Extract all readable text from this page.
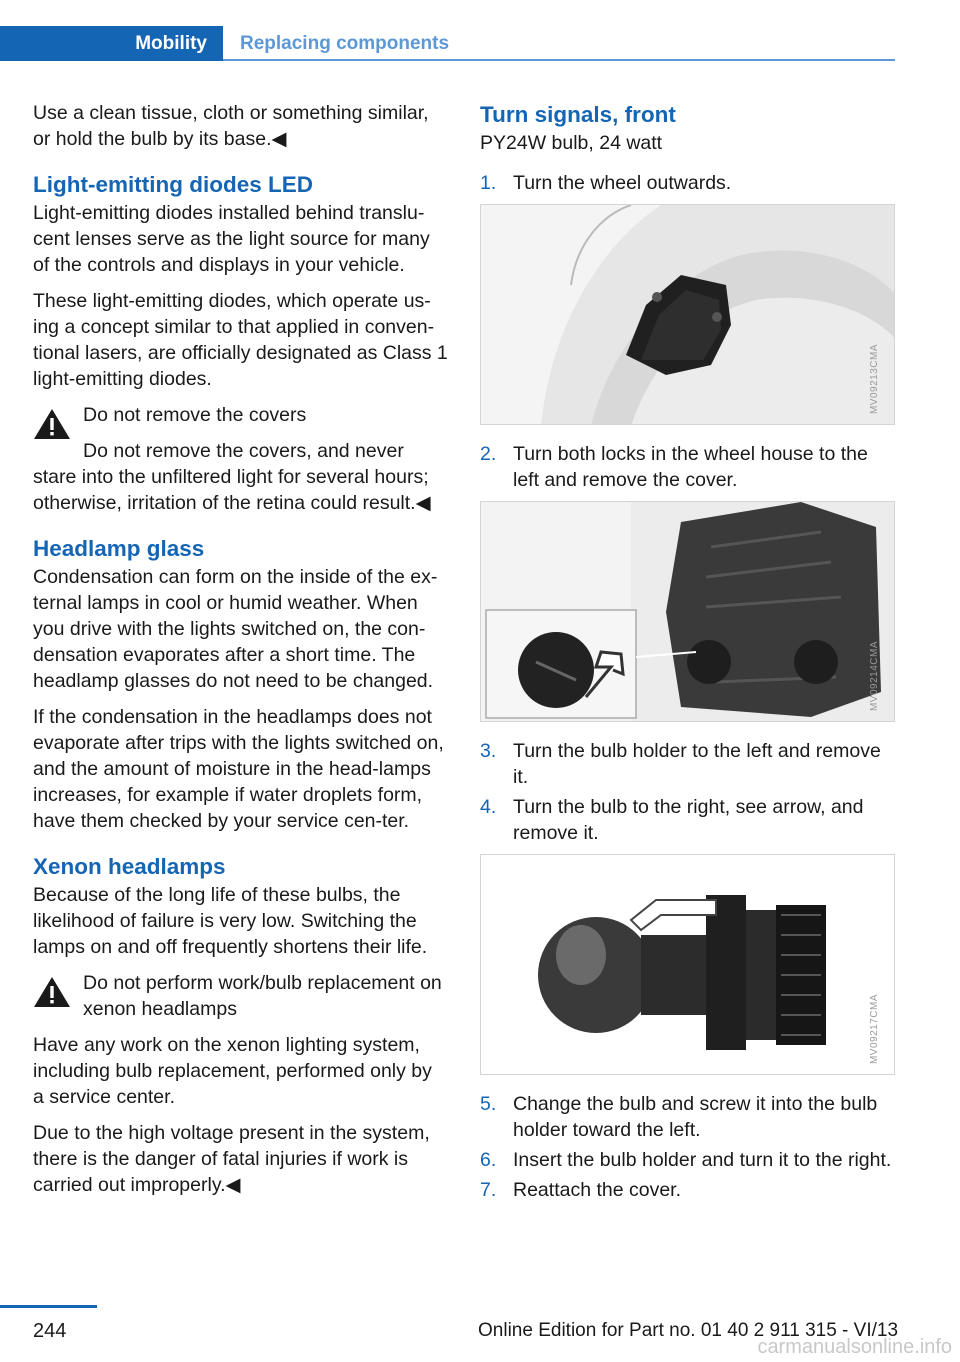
Mobility	Replacing components

Use a clean tissue, cloth or something similar, or hold the bulb by its base.◀

Light-emitting diodes LED

Light-emitting diodes installed behind translu-cent lenses serve as the light source for many of the controls and displays in your vehicle.

These light-emitting diodes, which operate us-ing a concept similar to that applied in conven-tional lasers, are officially designated as Class 1 light-emitting diodes.

Do not remove the covers

Do not remove the covers, and never stare into the unfiltered light for several hours; otherwise, irritation of the retina could result.◀

Headlamp glass

Condensation can form on the inside of the ex-ternal lamps in cool or humid weather. When you drive with the lights switched on, the con-densation evaporates after a short time. The headlamp glasses do not need to be changed.

If the condensation in the headlamps does not evaporate after trips with the lights switched on, and the amount of moisture in the head-lamps increases, for example if water droplets form, have them checked by your service cen-ter.

Xenon headlamps

Because of the long life of these bulbs, the likelihood of failure is very low. Switching the lamps on and off frequently shortens their life.

Do not perform work/bulb replacement on xenon headlamps

Have any work on the xenon lighting system, including bulb replacement, performed only by a service center.

Due to the high voltage present in the system, there is the danger of fatal injuries if work is carried out improperly.◀

Turn signals, front

PY24W bulb, 24 watt

1. Turn the wheel outwards.
MV09213CMA
2. Turn both locks in the wheel house to the left and remove the cover.
MV09214CMA
3. Turn the bulb holder to the left and remove it.
4. Turn the bulb to the right, see arrow, and remove it.
MV09217CMA
5. Change the bulb and screw it into the bulb holder toward the left.
6. Insert the bulb holder and turn it to the right.
7. Reattach the cover.
244	Online Edition for Part no. 01 40 2 911 315 - VI/13
carmanualsonline.info
